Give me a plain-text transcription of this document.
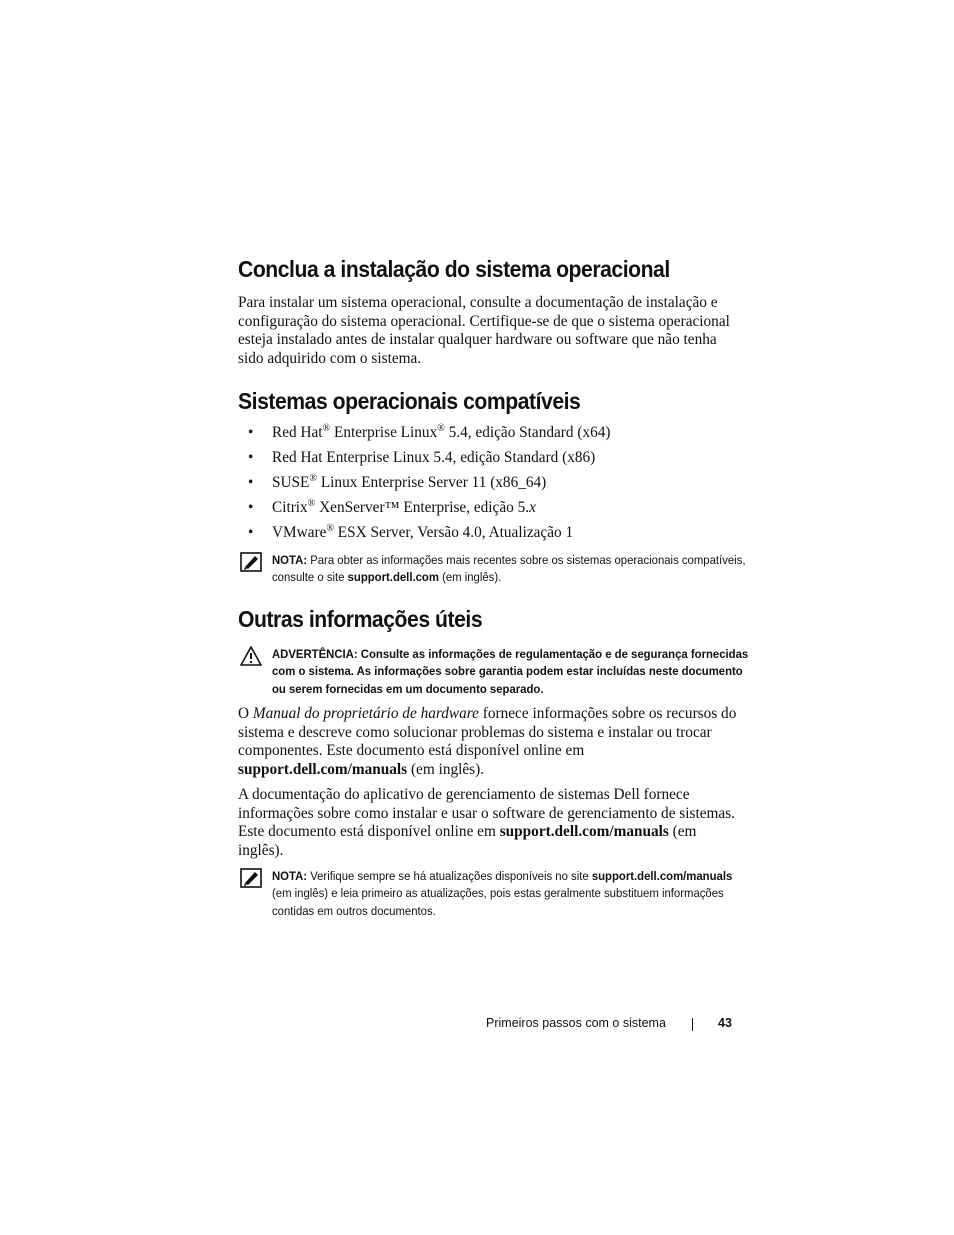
Conclua a instalação do sistema operacional

Para instalar um sistema operacional, consulte a documentação de instalação e configuração do sistema operacional. Certifique-se de que o sistema operacional esteja instalado antes de instalar qualquer hardware ou software que não tenha sido adquirido com o sistema.

Sistemas operacionais compatíveis
• Red Hat® Enterprise Linux® 5.4, edição Standard (x64)
• Red Hat Enterprise Linux 5.4, edição Standard (x86)
• SUSE® Linux Enterprise Server 11 (x86_64)
• Citrix® XenServer™ Enterprise, edição 5.x
• VMware® ESX Server, Versão 4.0, Atualização 1
NOTA: Para obter as informações mais recentes sobre os sistemas operacionais compatíveis, consulte o site support.dell.com (em inglês).
Outras informações úteis
ADVERTÊNCIA: Consulte as informações de regulamentação e de segurança fornecidas com o sistema. As informações sobre garantia podem estar incluídas neste documento ou serem fornecidas em um documento separado.

O Manual do proprietário de hardware fornece informações sobre os recursos do sistema e descreve como solucionar problemas do sistema e instalar ou trocar componentes. Este documento está disponível online em support.dell.com/manuals (em inglês).

A documentação do aplicativo de gerenciamento de sistemas Dell fornece informações sobre como instalar e usar o software de gerenciamento de sistemas. Este documento está disponível online em support.dell.com/manuals (em inglês).

NOTA: Verifique sempre se há atualizações disponíveis no site support.dell.com/manuals (em inglês) e leia primeiro as atualizações, pois estas geralmente substituem informações contidas em outros documentos.
Primeiros passos com o sistema	43
